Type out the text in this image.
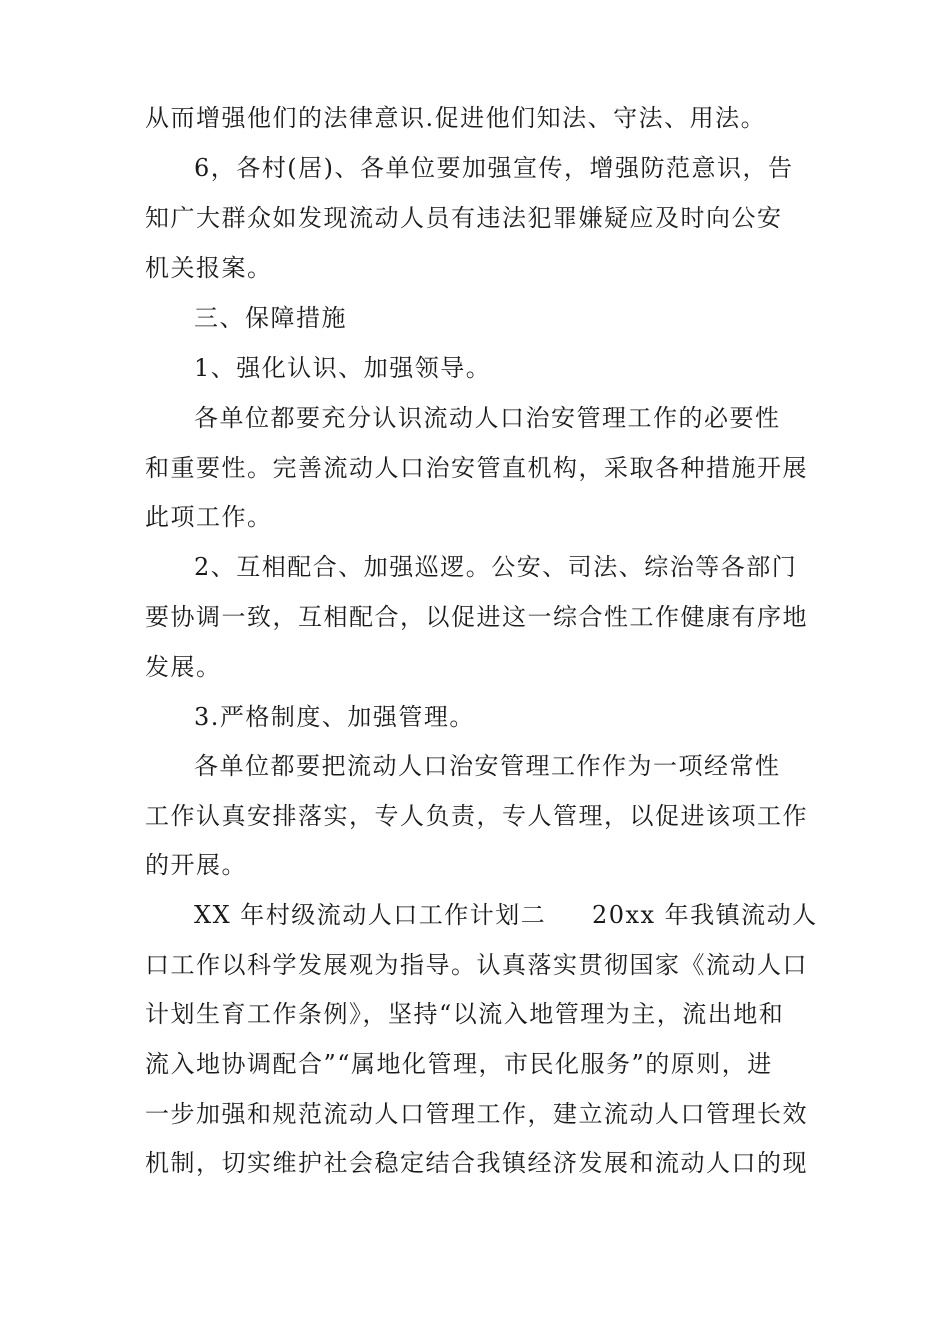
从而增强他们的法律意识.促进他们知法、守法、用法。
6，各村(居)、各单位要加强宣传，增强防范意识，告
知广大群众如发现流动人员有违法犯罪嫌疑应及时向公安
机关报案。
三、保障措施
1、强化认识、加强领导。
各单位都要充分认识流动人口治安管理工作的必要性
和重要性。完善流动人口治安管直机构，采取各种措施开展
此项工作。
2、互相配合、加强巡逻。公安、司法、综治等各部门
要协调一致，互相配合，以促进这一综合性工作健康有序地
发展。
3.严格制度、加强管理。
各单位都要把流动人口治安管理工作作为一项经常性
工作认真安排落实，专人负责，专人管理，以促进该项工作
的开展。
XX 年村级流动人口工作计划二     20xx 年我镇流动人
口工作以科学发展观为指导。认真落实贯彻国家《流动人口
计划生育工作条例》，坚持“以流入地管理为主，流出地和
流入地协调配合”“属地化管理，市民化服务”的原则，进
一步加强和规范流动人口管理工作，建立流动人口管理长效
机制，切实维护社会稳定结合我镇经济发展和流动人口的现
